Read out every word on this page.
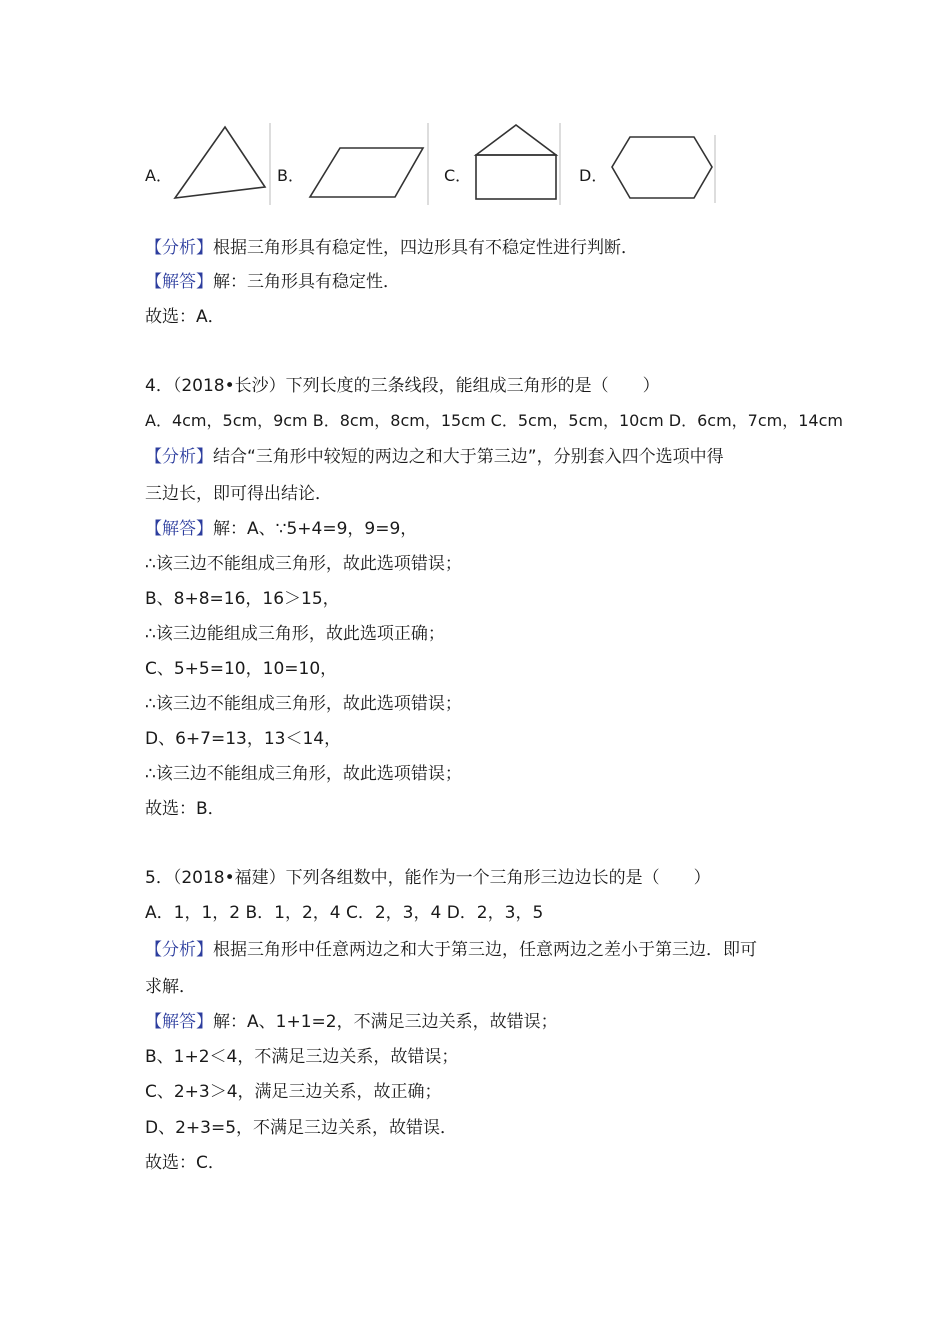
A．	B．	C．	D．
【分析】根据三角形具有稳定性，四边形具有不稳定性进行判断．
【解答】解：三角形具有稳定性．
故选：A．
4．（2018•长沙）下列长度的三条线段，能组成三角形的是（　　）
A．4cm，5cm，9cm B．8cm，8cm，15cm C．5cm，5cm，10cm D．6cm，7cm，14cm
【分析】结合“三角形中较短的两边之和大于第三边”，分别套入四个选项中得
三边长，即可得出结论．
【解答】解：A、∵5+4=9，9=9，
∴该三边不能组成三角形，故此选项错误；
B、8+8=16，16＞15，
∴该三边能组成三角形，故此选项正确；
C、5+5=10，10=10，
∴该三边不能组成三角形，故此选项错误；
D、6+7=13，13＜14，
∴该三边不能组成三角形，故此选项错误；
故选：B．
5．（2018•福建）下列各组数中，能作为一个三角形三边边长的是（　　）
A．1，1，2 B．1，2，4 C．2，3，4 D．2，3，5
【分析】根据三角形中任意两边之和大于第三边，任意两边之差小于第三边．即可
求解．
【解答】解：A、1+1=2，不满足三边关系，故错误；
B、1+2＜4，不满足三边关系，故错误；
C、2+3＞4，满足三边关系，故正确；
D、2+3=5，不满足三边关系，故错误．
故选：C．
